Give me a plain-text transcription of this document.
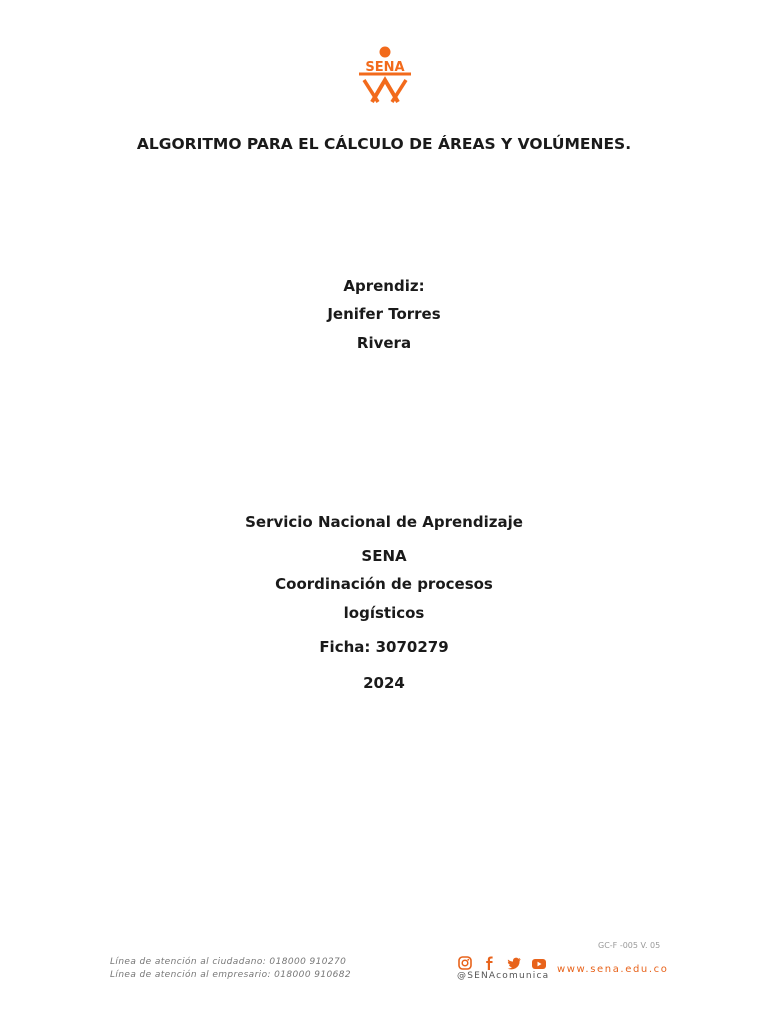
SENA
ALGORITMO PARA EL CÁLCULO DE ÁREAS Y VOLÚMENES.
Aprendiz:
Jenifer Torres
Rivera
Servicio Nacional de Aprendizaje
SENA
Coordinación de procesos
logísticos
Ficha: 3070279
2024
Línea de atención al ciudadano: 018000 910270
Línea de atención al empresario: 018000 910682
GC-F -005 V. 05
@SENAcomunica
www.sena.edu.co
